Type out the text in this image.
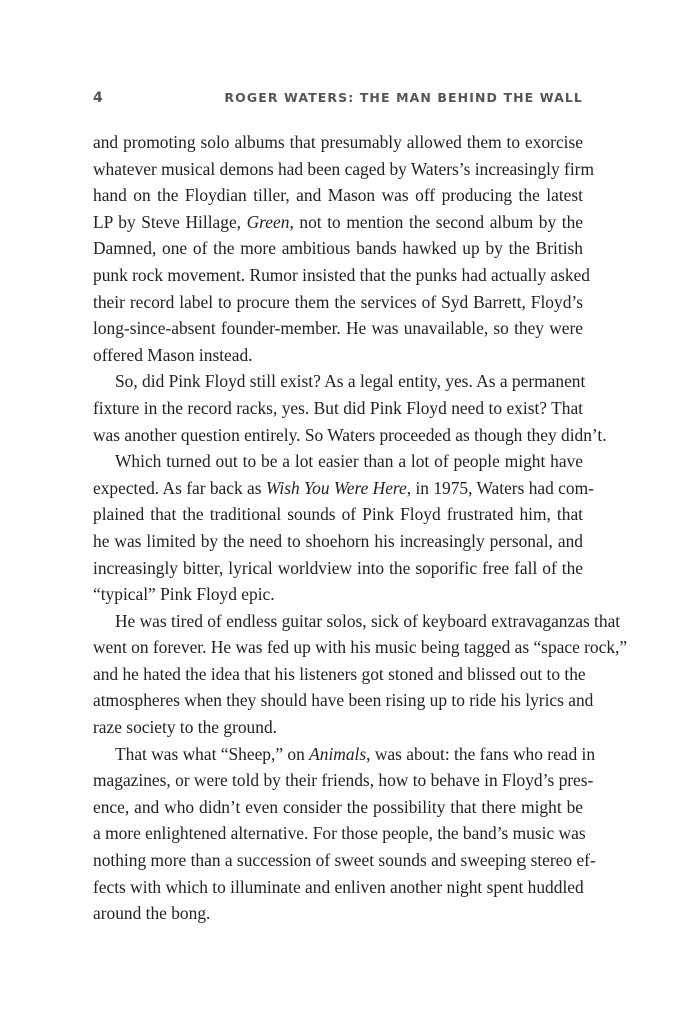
4	ROGER WATERS: THE MAN BEHIND THE WALL
and promoting solo albums that presumably allowed them to exorcise
whatever musical demons had been caged by Waters’s increasingly firm
hand on the Floydian tiller, and Mason was off producing the latest
LP by Steve Hillage, Green, not to mention the second album by the
Damned, one of the more ambitious bands hawked up by the British
punk rock movement. Rumor insisted that the punks had actually asked
their record label to procure them the services of Syd Barrett, Floyd’s
long-since-absent founder-member. He was unavailable, so they were
offered Mason instead.
So, did Pink Floyd still exist? As a legal entity, yes. As a permanent
fixture in the record racks, yes. But did Pink Floyd need to exist? That
was another question entirely. So Waters proceeded as though they didn’t.
Which turned out to be a lot easier than a lot of people might have
expected. As far back as Wish You Were Here, in 1975, Waters had com-
plained that the traditional sounds of Pink Floyd frustrated him, that
he was limited by the need to shoehorn his increasingly personal, and
increasingly bitter, lyrical worldview into the soporific free fall of the
“typical” Pink Floyd epic.
He was tired of endless guitar solos, sick of keyboard extravaganzas that
went on forever. He was fed up with his music being tagged as “space rock,”
and he hated the idea that his listeners got stoned and blissed out to the
atmospheres when they should have been rising up to ride his lyrics and
raze society to the ground.
That was what “Sheep,” on Animals, was about: the fans who read in
magazines, or were told by their friends, how to behave in Floyd’s pres-
ence, and who didn’t even consider the possibility that there might be
a more enlightened alternative. For those people, the band’s music was
nothing more than a succession of sweet sounds and sweeping stereo ef-
fects with which to illuminate and enliven another night spent huddled
around the bong.
